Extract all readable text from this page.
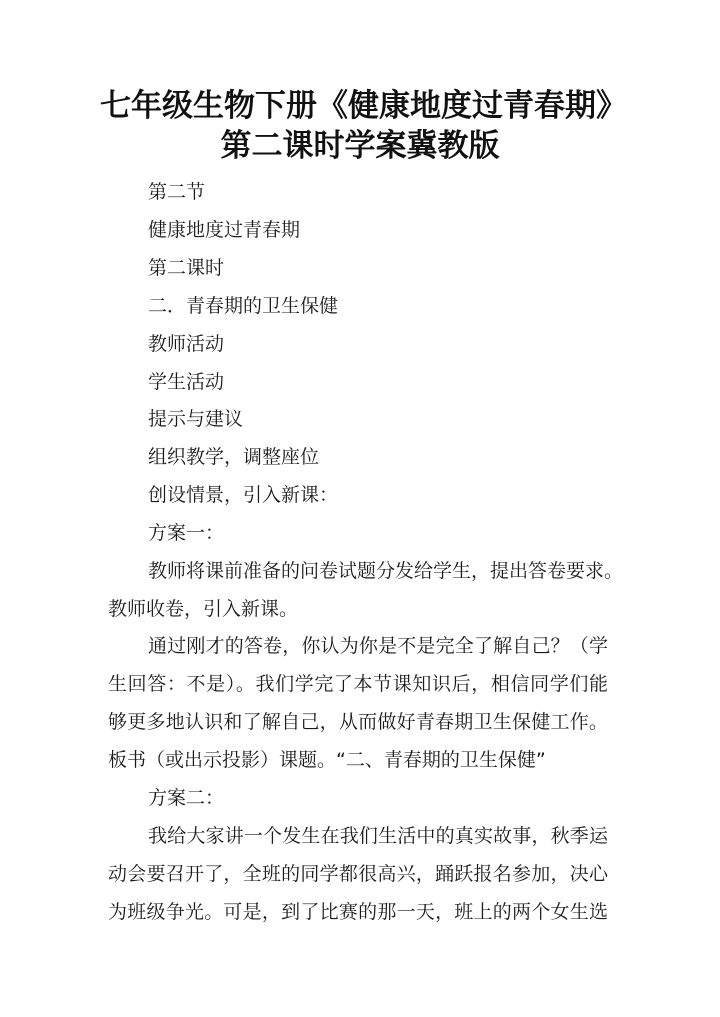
七年级生物下册《健康地度过青春期》
第二课时学案冀教版
第二节
健康地度过青春期
第二课时
二．青春期的卫生保健
教师活动
学生活动
提示与建议
组织教学，调整座位
创设情景，引入新课：
方案一：
教师将课前准备的问卷试题分发给学生，提出答卷要求。
教师收卷，引入新课。
通过刚才的答卷，你认为你是不是完全了解自己？（学
生回答：不是）。我们学完了本节课知识后，相信同学们能
够更多地认识和了解自己，从而做好青春期卫生保健工作。
板书（或出示投影）课题。“二、青春期的卫生保健”
方案二：
我给大家讲一个发生在我们生活中的真实故事，秋季运
动会要召开了，全班的同学都很高兴，踊跃报名参加，决心
为班级争光。可是，到了比赛的那一天，班上的两个女生选
